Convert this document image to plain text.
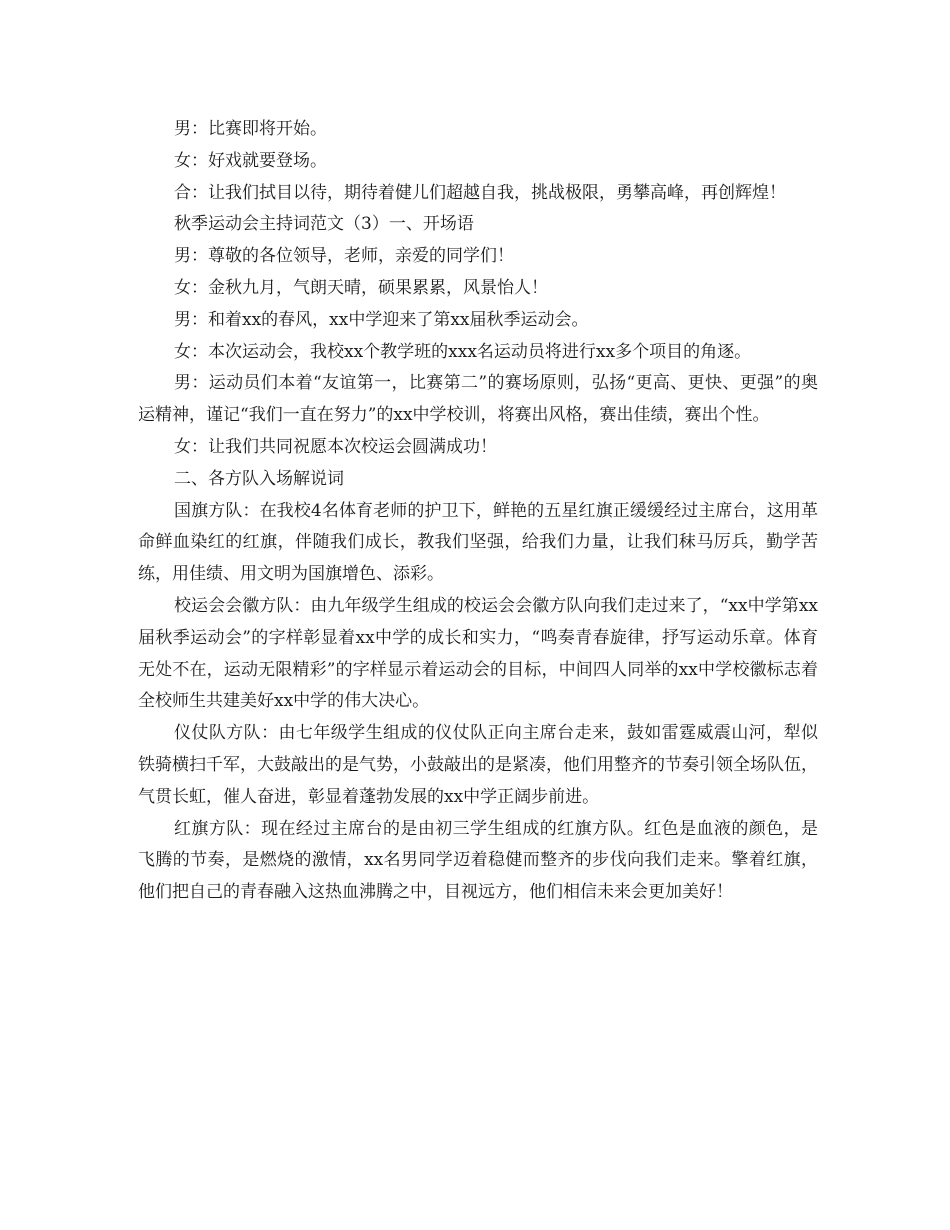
男：比赛即将开始。

女：好戏就要登场。

合：让我们拭目以待，期待着健儿们超越自我，挑战极限，勇攀高峰，再创辉煌！

秋季运动会主持词范文（3）一、开场语

男：尊敬的各位领导，老师，亲爱的同学们！

女：金秋九月，气朗天晴，硕果累累，风景怡人！

男：和着xx的春风，xx中学迎来了第xx届秋季运动会。

女：本次运动会，我校xx个教学班的xxx名运动员将进行xx多个项目的角逐。

男：运动员们本着“友谊第一，比赛第二”的赛场原则，弘扬“更高、更快、更强”的奥运精神，谨记“我们一直在努力”的xx中学校训，将赛出风格，赛出佳绩，赛出个性。

女：让我们共同祝愿本次校运会圆满成功！

二、各方队入场解说词

国旗方队：在我校4名体育老师的护卫下，鲜艳的五星红旗正缓缓经过主席台，这用革命鲜血染红的红旗，伴随我们成长，教我们坚强，给我们力量，让我们秣马厉兵，勤学苦练，用佳绩、用文明为国旗增色、添彩。

校运会会徽方队：由九年级学生组成的校运会会徽方队向我们走过来了，“xx中学第xx届秋季运动会”的字样彰显着xx中学的成长和实力，“鸣奏青春旋律，抒写运动乐章。体育无处不在，运动无限精彩”的字样显示着运动会的目标，中间四人同举的xx中学校徽标志着全校师生共建美好xx中学的伟大决心。

仪仗队方队：由七年级学生组成的仪仗队正向主席台走来，鼓如雷霆威震山河，犁似铁骑横扫千军，大鼓敲出的是气势，小鼓敲出的是紧凑，他们用整齐的节奏引领全场队伍，气贯长虹，催人奋进，彰显着蓬勃发展的xx中学正阔步前进。

红旗方队：现在经过主席台的是由初三学生组成的红旗方队。红色是血液的颜色，是飞腾的节奏，是燃烧的激情，xx名男同学迈着稳健而整齐的步伐向我们走来。擎着红旗，他们把自己的青春融入这热血沸腾之中，目视远方，他们相信未来会更加美好！
